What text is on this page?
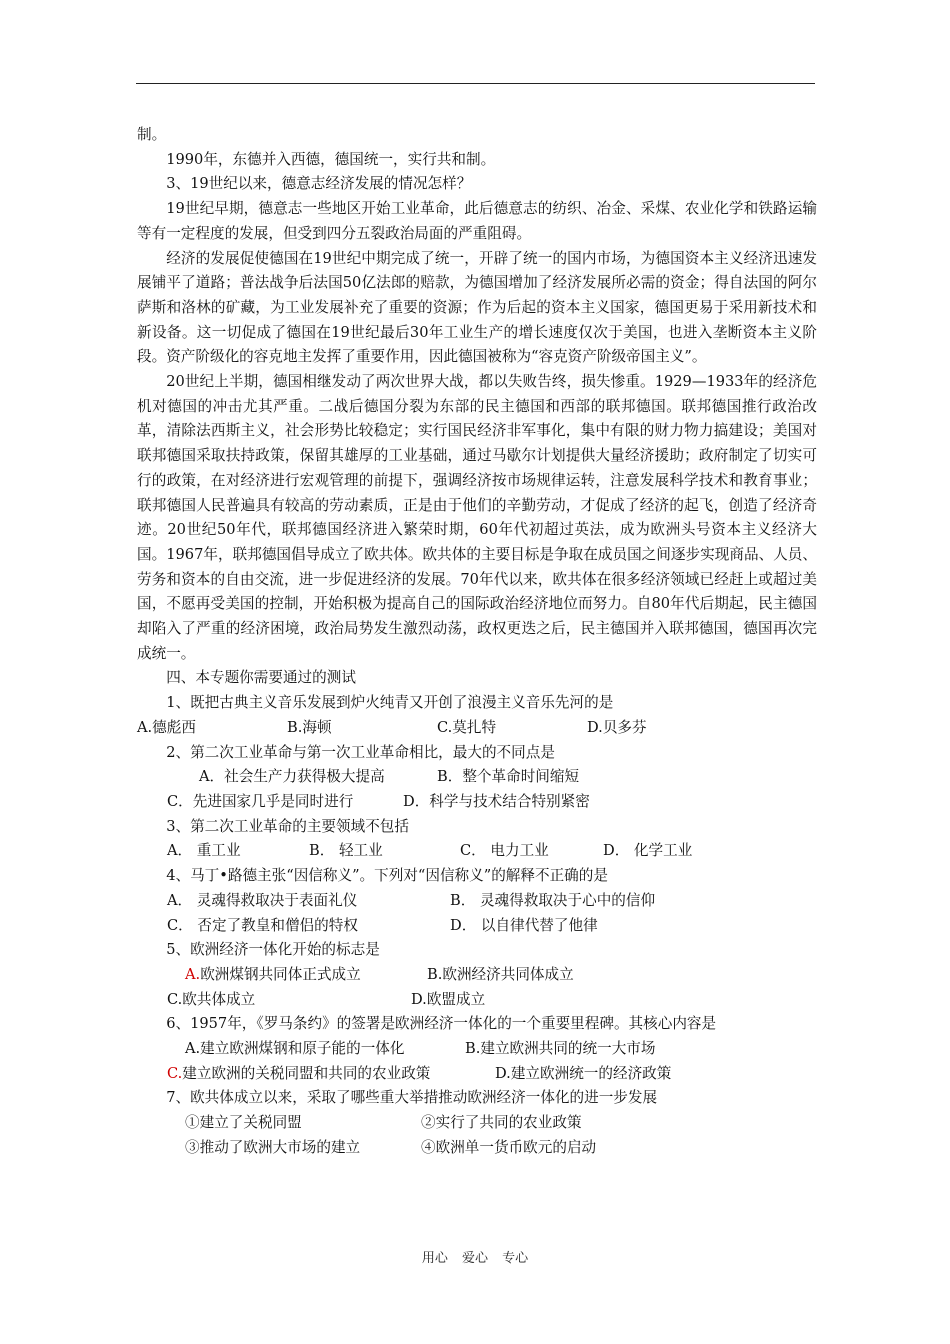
制。

1990年，东德并入西德，德国统一，实行共和制。

3、19世纪以来，德意志经济发展的情况怎样？

19世纪早期，德意志一些地区开始工业革命，此后德意志的纺织、冶金、采煤、农业化学和铁路运输等有一定程度的发展，但受到四分五裂政治局面的严重阻碍。

经济的发展促使德国在19世纪中期完成了统一，开辟了统一的国内市场，为德国资本主义经济迅速发展铺平了道路；普法战争后法国50亿法郎的赔款，为德国增加了经济发展所必需的资金；得自法国的阿尔萨斯和洛林的矿藏，为工业发展补充了重要的资源；作为后起的资本主义国家，德国更易于采用新技术和新设备。这一切促成了德国在19世纪最后30年工业生产的增长速度仅次于美国，也进入垄断资本主义阶段。资产阶级化的容克地主发挥了重要作用，因此德国被称为“容克资产阶级帝国主义”。

20世纪上半期，德国相继发动了两次世界大战，都以失败告终，损失惨重。1929—1933年的经济危机对德国的冲击尤其严重。二战后德国分裂为东部的民主德国和西部的联邦德国。联邦德国推行政治改革，清除法西斯主义，社会形势比较稳定；实行国民经济非军事化，集中有限的财力物力搞建设；美国对联邦德国采取扶持政策，保留其雄厚的工业基础，通过马歇尔计划提供大量经济援助；政府制定了切实可行的政策，在对经济进行宏观管理的前提下，强调经济按市场规律运转，注意发展科学技术和教育事业；联邦德国人民普遍具有较高的劳动素质，正是由于他们的辛勤劳动，才促成了经济的起飞，创造了经济奇迹。20世纪50年代，联邦德国经济进入繁荣时期，60年代初超过英法，成为欧洲头号资本主义经济大国。1967年，联邦德国倡导成立了欧共体。欧共体的主要目标是争取在成员国之间逐步实现商品、人员、劳务和资本的自由交流，进一步促进经济的发展。70年代以来，欧共体在很多经济领域已经赶上或超过美国，不愿再受美国的控制，开始积极为提高自己的国际政治经济地位而努力。自80年代后期起，民主德国却陷入了严重的经济困境，政治局势发生激烈动荡，政权更迭之后，民主德国并入联邦德国，德国再次完成统一。

四、本专题你需要通过的测试

1、既把古典主义音乐发展到炉火纯青又开创了浪漫主义音乐先河的是

A.德彪西	B.海顿	C.莫扎特	D.贝多芬

2、第二次工业革命与第一次工业革命相比，最大的不同点是

A．社会生产力获得极大提高	B．整个革命时间缩短
C．先进国家几乎是同时进行	D．科学与技术结合特别紧密

3、第二次工业革命的主要领域不包括

A． 重工业	B． 轻工业	C． 电力工业	D． 化学工业

4、马丁•路德主张“因信称义”。下列对“因信称义”的解释不正确的是

A． 灵魂得救取决于表面礼仪	B． 灵魂得救取决于心中的信仰
C． 否定了教皇和僧侣的特权	D． 以自律代替了他律

5、欧洲经济一体化开始的标志是

A.欧洲煤钢共同体正式成立	B.欧洲经济共同体成立
C.欧共体成立	D.欧盟成立

6、1957年，《罗马条约》的签署是欧洲经济一体化的一个重要里程碑。其核心内容是

A.建立欧洲煤钢和原子能的一体化	B.建立欧洲共同的统一大市场
C.建立欧洲的关税同盟和共同的农业政策	D.建立欧洲统一的经济政策

7、欧共体成立以来，采取了哪些重大举措推动欧洲经济一体化的进一步发展

①建立了关税同盟	②实行了共同的农业政策
③推动了欧洲大市场的建立	④欧洲单一货币欧元的启动
用心 爱心 专心
